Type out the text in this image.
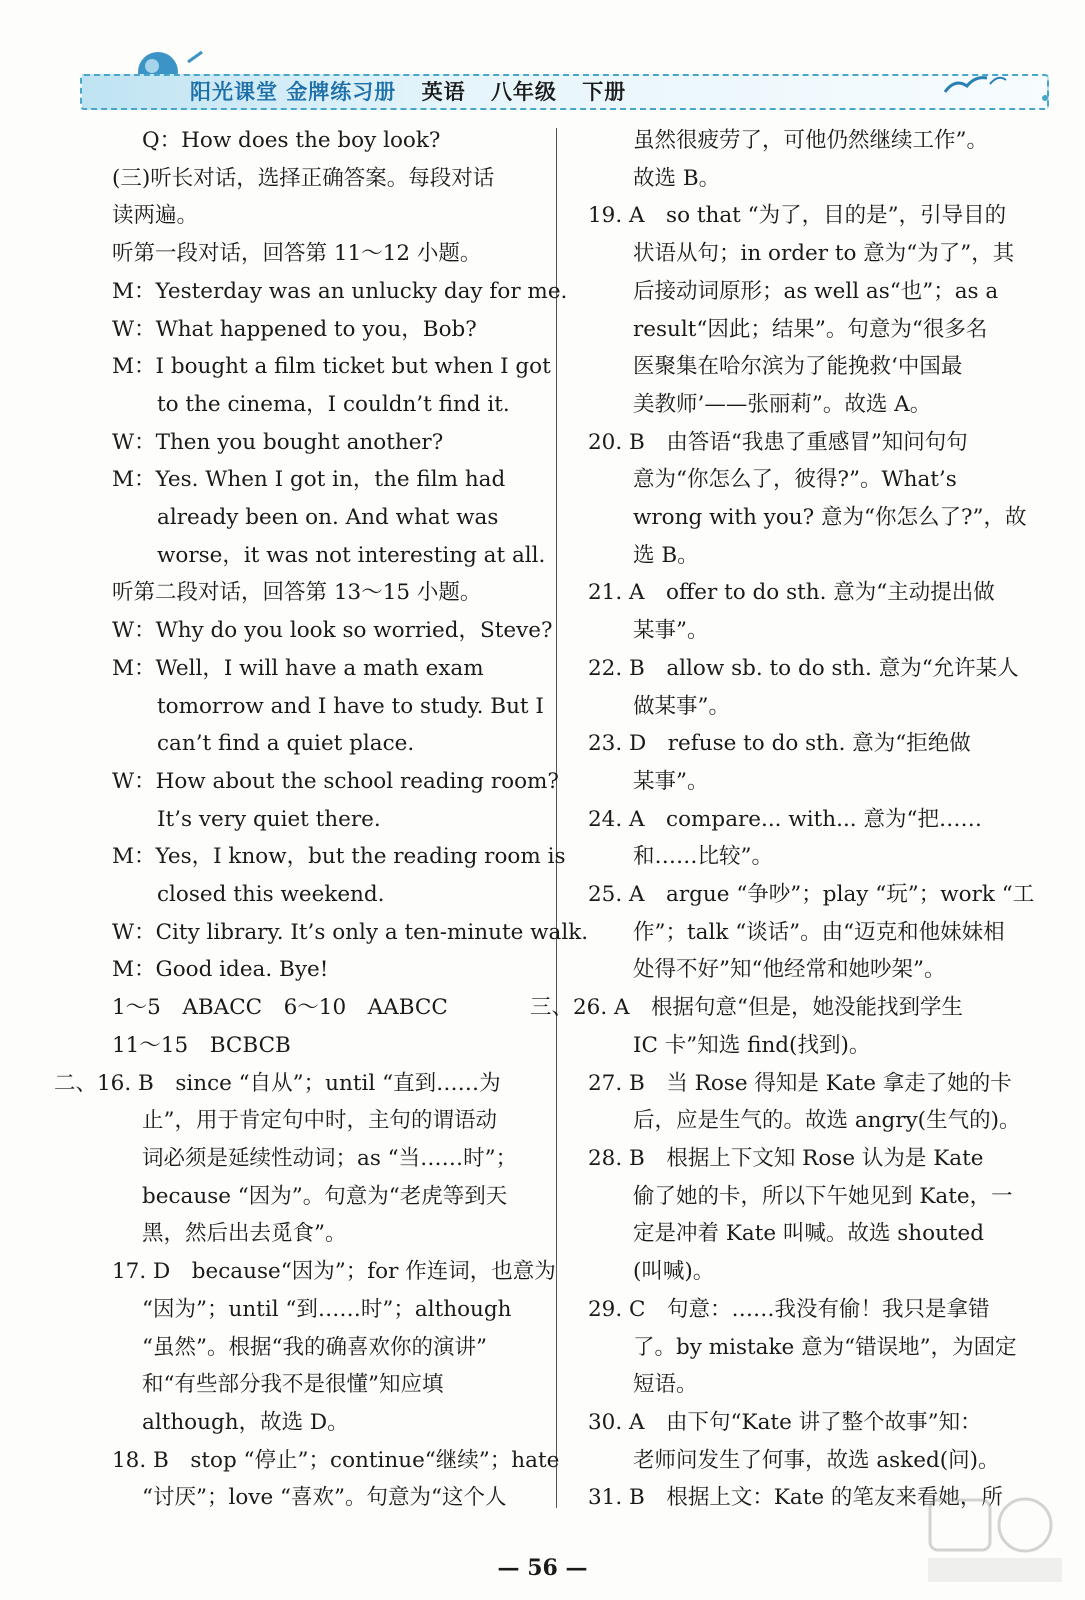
阳光课堂 金牌练习册 英语 八年级 下册
Q：How does the boy look?
(三)听长对话，选择正确答案。每段对话
读两遍。
听第一段对话，回答第 11～12 小题。
M：Yesterday was an unlucky day for me.
W：What happened to you，Bob?
M：I bought a film ticket but when I got
to the cinema，I couldn’t find it.
W：Then you bought another?
M：Yes. When I got in，the film had
already been on. And what was
worse，it was not interesting at all.
听第二段对话，回答第 13～15 小题。
W：Why do you look so worried，Steve?
M：Well，I will have a math exam
tomorrow and I have to study. But I
can’t find a quiet place.
W：How about the school reading room?
It’s very quiet there.
M：Yes，I know，but the reading room is
closed this weekend.
W：City library. It’s only a ten-minute walk.
M：Good idea. Bye!
1～5　ABACC　6～10　AABCC
11～15　BCBCB
二、16. B　since “自从”；until “直到……为
止”，用于肯定句中时，主句的谓语动
词必须是延续性动词；as “当……时”；
because “因为”。句意为“老虎等到天
黑，然后出去觅食”。
17. D　because“因为”；for 作连词，也意为
“因为”；until “到……时”；although
“虽然”。根据“我的确喜欢你的演讲”
和“有些部分我不是很懂”知应填
although，故选 D。
18. B　stop “停止”；continue“继续”；hate
“讨厌”；love “喜欢”。句意为“这个人
虽然很疲劳了，可他仍然继续工作”。
故选 B。
19. A　so that “为了，目的是”，引导目的
状语从句；in order to 意为“为了”，其
后接动词原形；as well as“也”；as a
result“因此；结果”。句意为“很多名
医聚集在哈尔滨为了能挽救‘中国最
美教师’——张丽莉”。故选 A。
20. B　由答语“我患了重感冒”知问句句
意为“你怎么了，彼得?”。What’s
wrong with you? 意为“你怎么了?”，故
选 B。
21. A　offer to do sth. 意为“主动提出做
某事”。
22. B　allow sb. to do sth. 意为“允许某人
做某事”。
23. D　refuse to do sth. 意为“拒绝做
某事”。
24. A　compare... with... 意为“把……
和……比较”。
25. A　argue “争吵”；play “玩”；work “工
作”；talk “谈话”。由“迈克和他妹妹相
处得不好”知“他经常和她吵架”。
三、26. A　根据句意“但是，她没能找到学生
IC 卡”知选 find(找到)。
27. B　当 Rose 得知是 Kate 拿走了她的卡
后，应是生气的。故选 angry(生气的)。
28. B　根据上下文知 Rose 认为是 Kate
偷了她的卡，所以下午她见到 Kate，一
定是冲着 Kate 叫喊。故选 shouted
(叫喊)。
29. C　句意：……我没有偷！我只是拿错
了。by mistake 意为“错误地”，为固定
短语。
30. A　由下句“Kate 讲了整个故事”知：
老师问发生了何事，故选 asked(问)。
31. B　根据上文：Kate 的笔友来看她，所
— 56 —
